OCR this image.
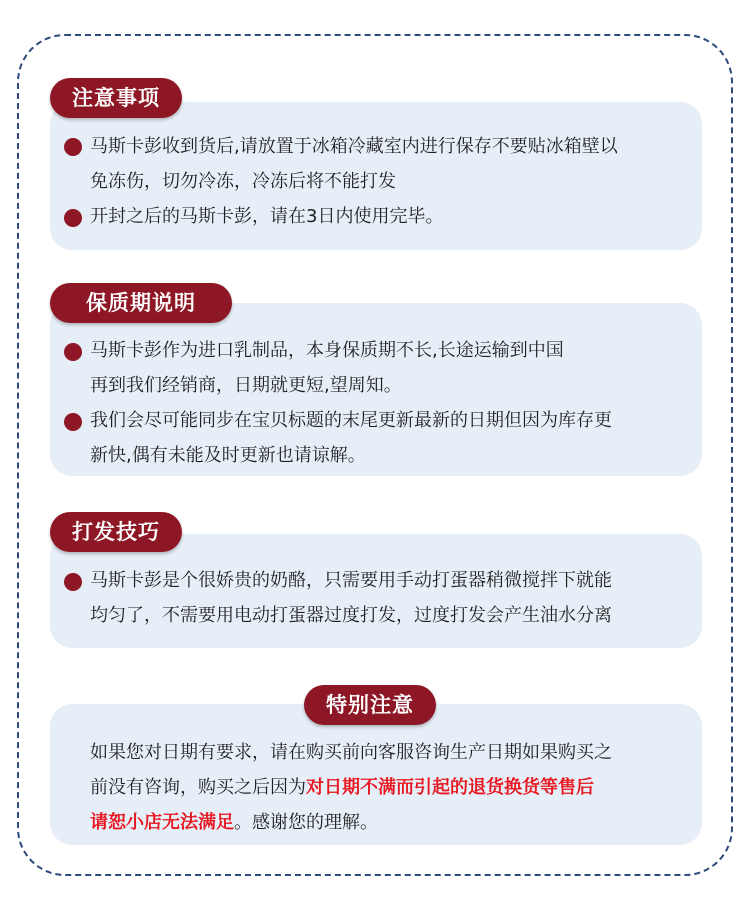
注意事项
马斯卡彭收到货后,请放置于冰箱冷藏室内进行保存不要贴冰箱壁以
免冻伤，切勿冷冻，冷冻后将不能打发
开封之后的马斯卡彭，请在3日内使用完毕。
保质期说明
马斯卡彭作为进口乳制品，本身保质期不长,长途运输到中国
再到我们经销商，日期就更短,望周知。
我们会尽可能同步在宝贝标题的末尾更新最新的日期但因为库存更
新快,偶有未能及时更新也请谅解。
打发技巧
马斯卡彭是个很娇贵的奶酪，只需要用手动打蛋器稍微搅拌下就能
均匀了，不需要用电动打蛋器过度打发，过度打发会产生油水分离
特别注意
如果您对日期有要求，请在购买前向客服咨询生产日期如果购买之
前没有咨询，购买之后因为对日期不满而引起的退货换货等售后
请恕小店无法满足。感谢您的理解。
